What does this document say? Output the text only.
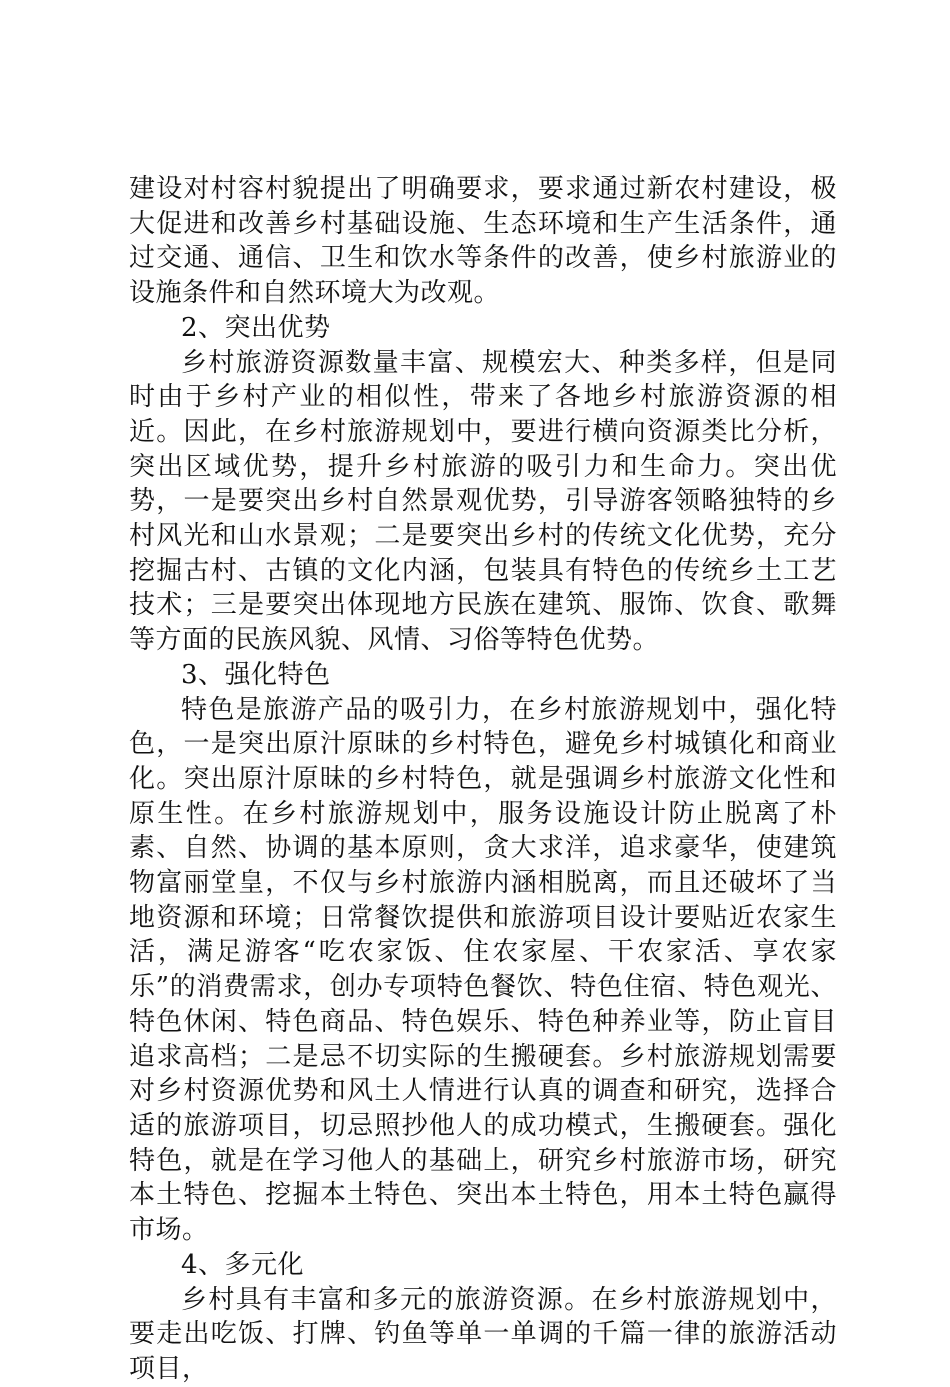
建设对村容村貌提出了明确要求，要求通过新农村建设，极大促进和改善乡村基础设施、生态环境和生产生活条件，通过交通、通信、卫生和饮水等条件的改善，使乡村旅游业的设施条件和自然环境大为改观。

2、突出优势

乡村旅游资源数量丰富、规模宏大、种类多样，但是同时由于乡村产业的相似性，带来了各地乡村旅游资源的相近。因此，在乡村旅游规划中，要进行横向资源类比分析，突出区域优势，提升乡村旅游的吸引力和生命力。突出优势，一是要突出乡村自然景观优势，引导游客领略独特的乡村风光和山水景观；二是要突出乡村的传统文化优势，充分挖掘古村、古镇的文化内涵，包装具有特色的传统乡土工艺技术；三是要突出体现地方民族在建筑、服饰、饮食、歌舞等方面的民族风貌、风情、习俗等特色优势。

3、强化特色

特色是旅游产品的吸引力，在乡村旅游规划中，强化特色，一是突出原汁原昧的乡村特色，避免乡村城镇化和商业化。突出原汁原昧的乡村特色，就是强调乡村旅游文化性和原生性。在乡村旅游规划中，服务设施设计防止脱离了朴素、自然、协调的基本原则，贪大求洋，追求豪华，使建筑物富丽堂皇，不仅与乡村旅游内涵相脱离，而且还破坏了当地资源和环境；日常餐饮提供和旅游项目设计要贴近农家生活，满足游客“吃农家饭、住农家屋、干农家活、享农家乐”的消费需求，创办专项特色餐饮、特色住宿、特色观光、特色休闲、特色商品、特色娱乐、特色种养业等，防止盲目追求高档；二是忌不切实际的生搬硬套。乡村旅游规划需要对乡村资源优势和风土人情进行认真的调查和研究，选择合适的旅游项目，切忌照抄他人的成功模式，生搬硬套。强化特色，就是在学习他人的基础上，研究乡村旅游市场，研究本土特色、挖掘本土特色、突出本土特色，用本土特色赢得市场。

4、多元化

乡村具有丰富和多元的旅游资源。在乡村旅游规划中，要走出吃饭、打牌、钓鱼等单一单调的千篇一律的旅游活动项目，
